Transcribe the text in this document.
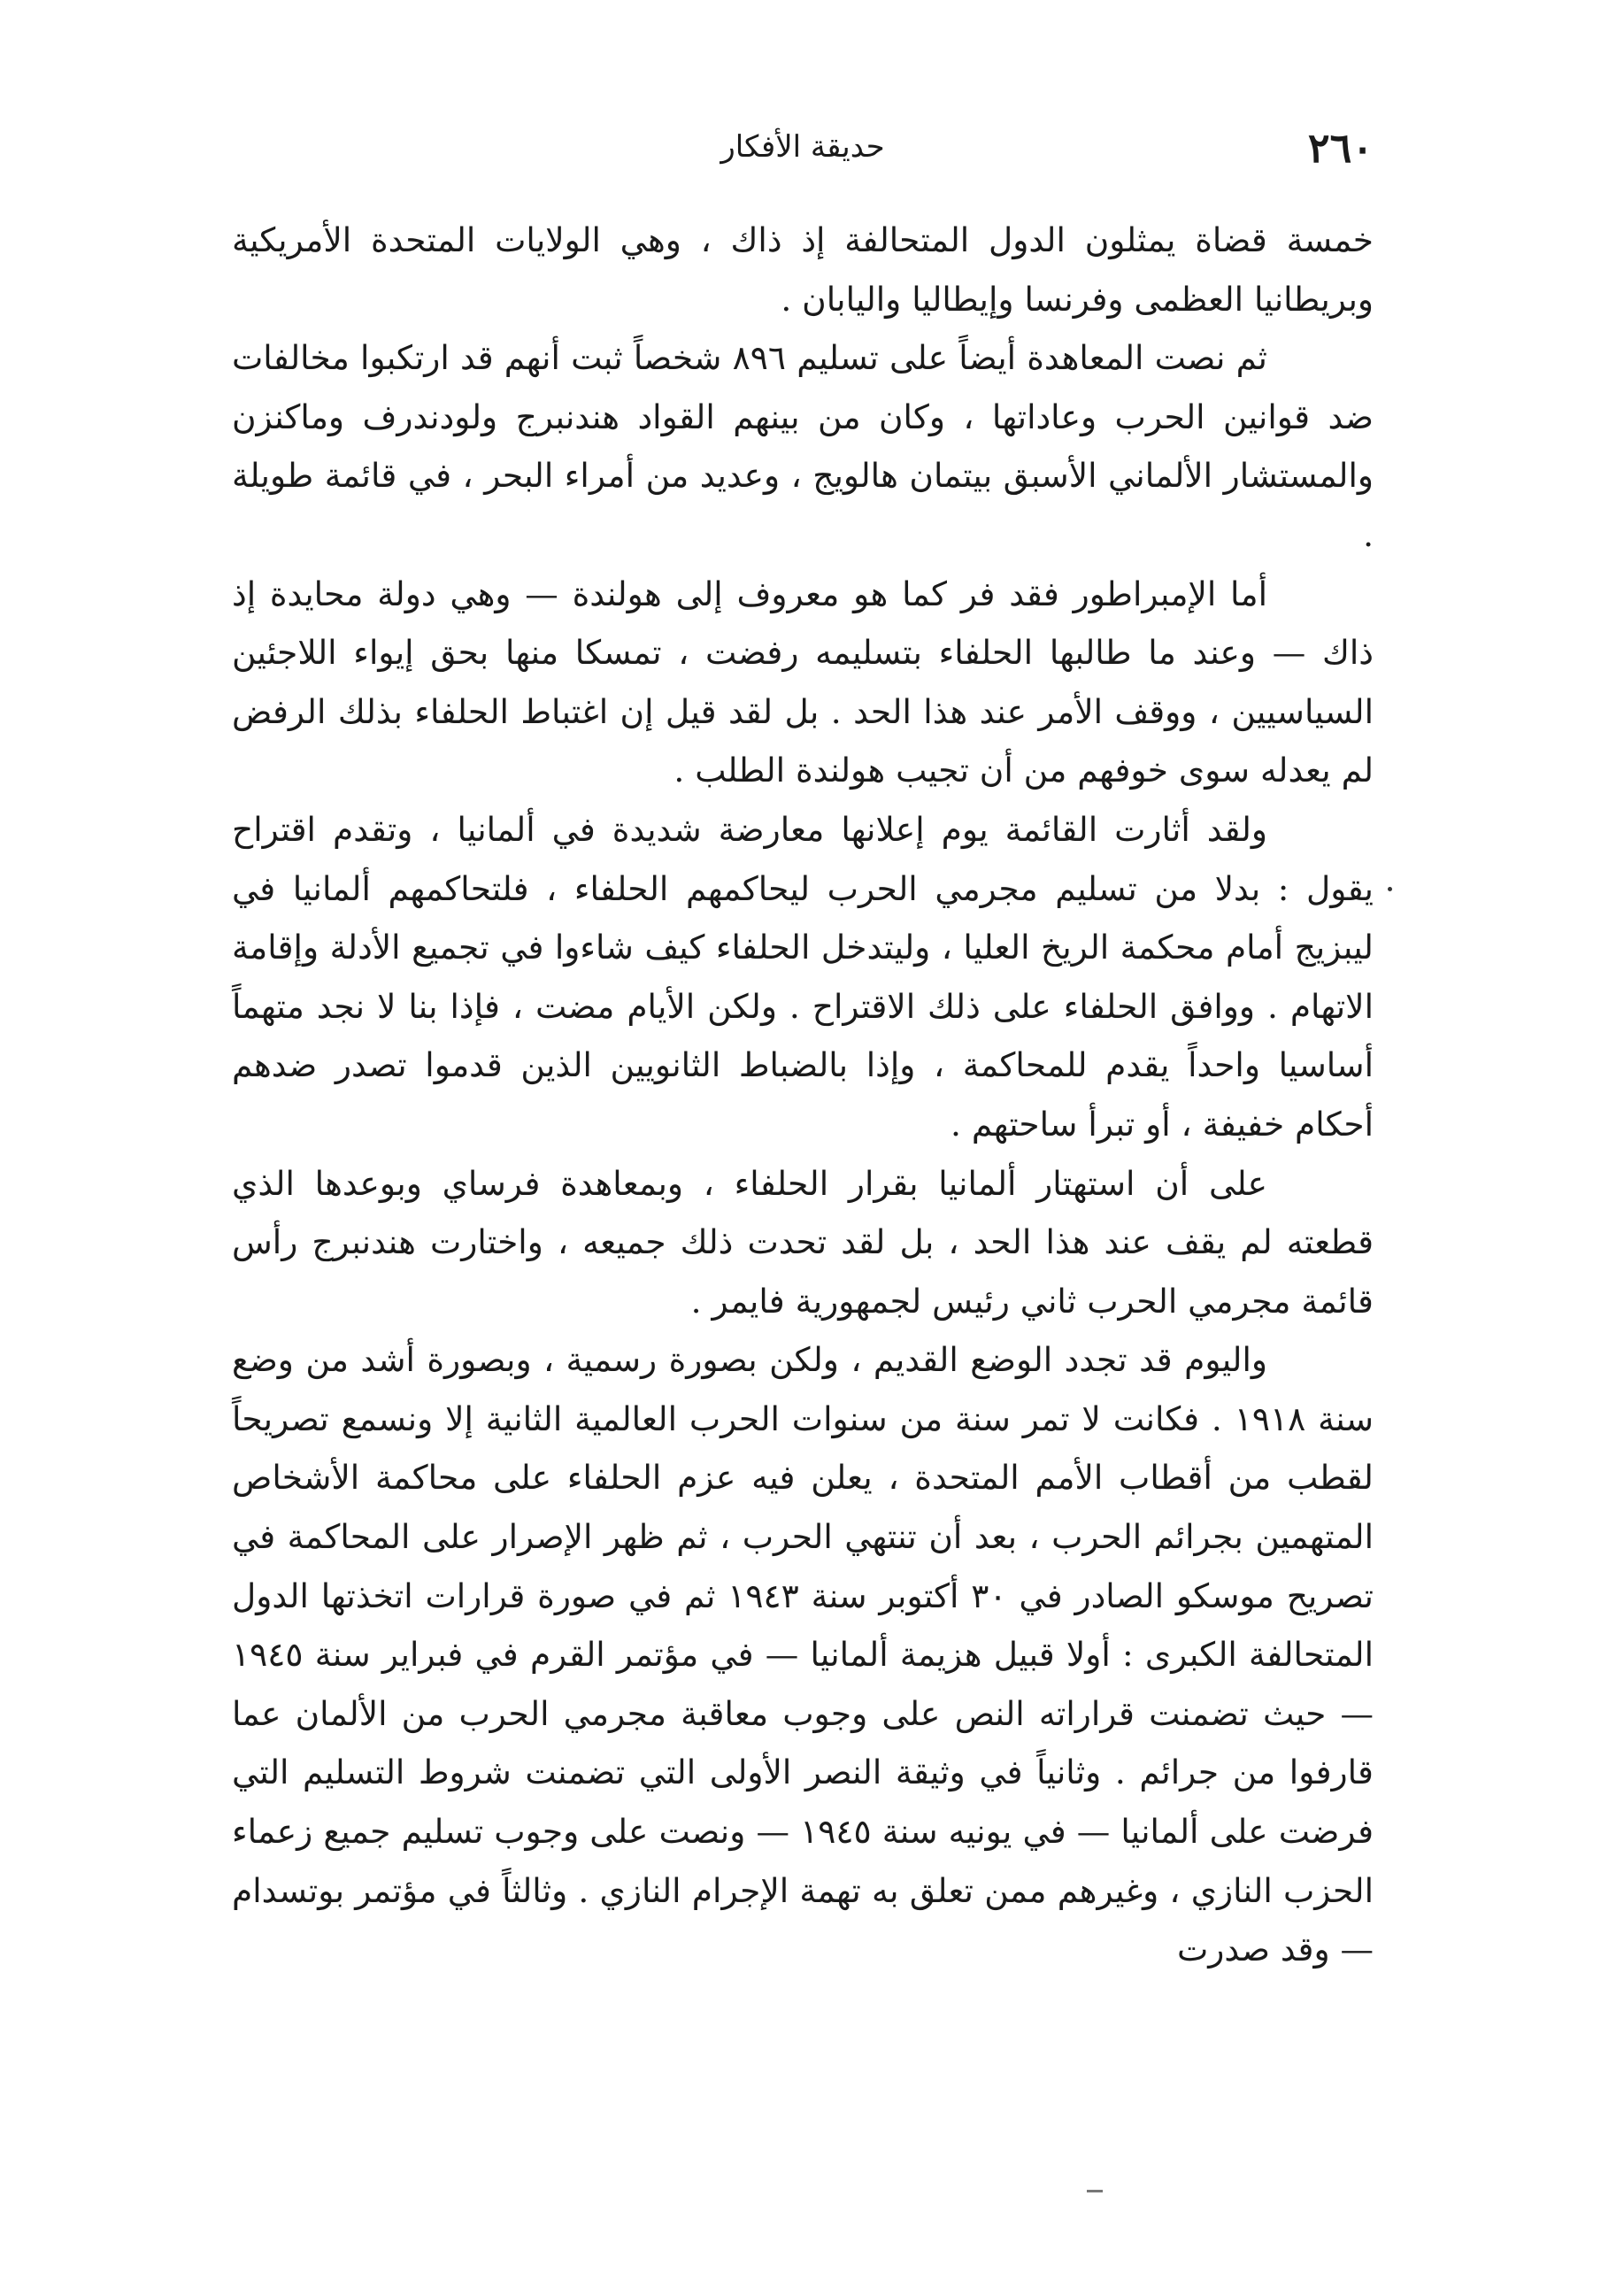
٢٦٠
حديقة الأفكار

خمسة قضاة يمثلون الدول المتحالفة إذ ذاك ، وهي الولايات المتحدة الأمريكية وبريطانيا العظمى وفرنسا وإيطاليا واليابان .

ثم نصت المعاهدة أيضاً على تسليم ٨٩٦ شخصاً ثبت أنهم قد ارتكبوا مخالفات ضد قوانين الحرب وعاداتها ، وكان من بينهم القواد هندنبرج ولودندرف وماكنزن والمستشار الألماني الأسبق بيتمان هالويج ، وعديد من أمراء البحر ، في قائمة طويلة .

أما الإمبراطور فقد فر كما هو معروف إلى هولندة — وهي دولة محايدة إذ ذاك — وعند ما طالبها الحلفاء بتسليمه رفضت ، تمسكا منها بحق إيواء اللاجئين السياسيين ، ووقف الأمر عند هذا الحد . بل لقد قيل إن اغتباط الحلفاء بذلك الرفض لم يعدله سوى خوفهم من أن تجيب هولندة الطلب .

ولقد أثارت القائمة يوم إعلانها معارضة شديدة في ألمانيا ، وتقدم اقتراح يقول : بدلا من تسليم مجرمي الحرب ليحاكمهم الحلفاء ، فلتحاكمهم ألمانيا في ليبزيج أمام محكمة الريخ العليا ، وليتدخل الحلفاء كيف شاءوا في تجميع الأدلة وإقامة الاتهام . ووافق الحلفاء على ذلك الاقتراح . ولكن الأيام مضت ، فإذا بنا لا نجد متهماً أساسيا واحداً يقدم للمحاكمة ، وإذا بالضباط الثانويين الذين قدموا تصدر ضدهم أحكام خفيفة ، أو تبرأ ساحتهم .

على أن استهتار ألمانيا بقرار الحلفاء ، وبمعاهدة فرساي وبوعدها الذي قطعته لم يقف عند هذا الحد ، بل لقد تحدت ذلك جميعه ، واختارت هندنبرج رأس قائمة مجرمي الحرب ثاني رئيس لجمهورية فايمر .

واليوم قد تجدد الوضع القديم ، ولكن بصورة رسمية ، وبصورة أشد من وضع سنة ١٩١٨ . فكانت لا تمر سنة من سنوات الحرب العالمية الثانية إلا ونسمع تصريحاً لقطب من أقطاب الأمم المتحدة ، يعلن فيه عزم الحلفاء على محاكمة الأشخاص المتهمين بجرائم الحرب ، بعد أن تنتهي الحرب ، ثم ظهر الإصرار على المحاكمة في تصريح موسكو الصادر في ٣٠ أكتوبر سنة ١٩٤٣ ثم في صورة قرارات اتخذتها الدول المتحالفة الكبرى : أولا قبيل هزيمة ألمانيا — في مؤتمر القرم في فبراير سنة ١٩٤٥ — حيث تضمنت قراراته النص على وجوب معاقبة مجرمي الحرب من الألمان عما قارفوا من جرائم . وثانياً في وثيقة النصر الأولى التي تضمنت شروط التسليم التي فرضت على ألمانيا — في يونيه سنة ١٩٤٥ — ونصت على وجوب تسليم جميع زعماء الحزب النازي ، وغيرهم ممن تعلق به تهمة الإجرام النازي . وثالثاً في مؤتمر بوتسدام — وقد صدرت
